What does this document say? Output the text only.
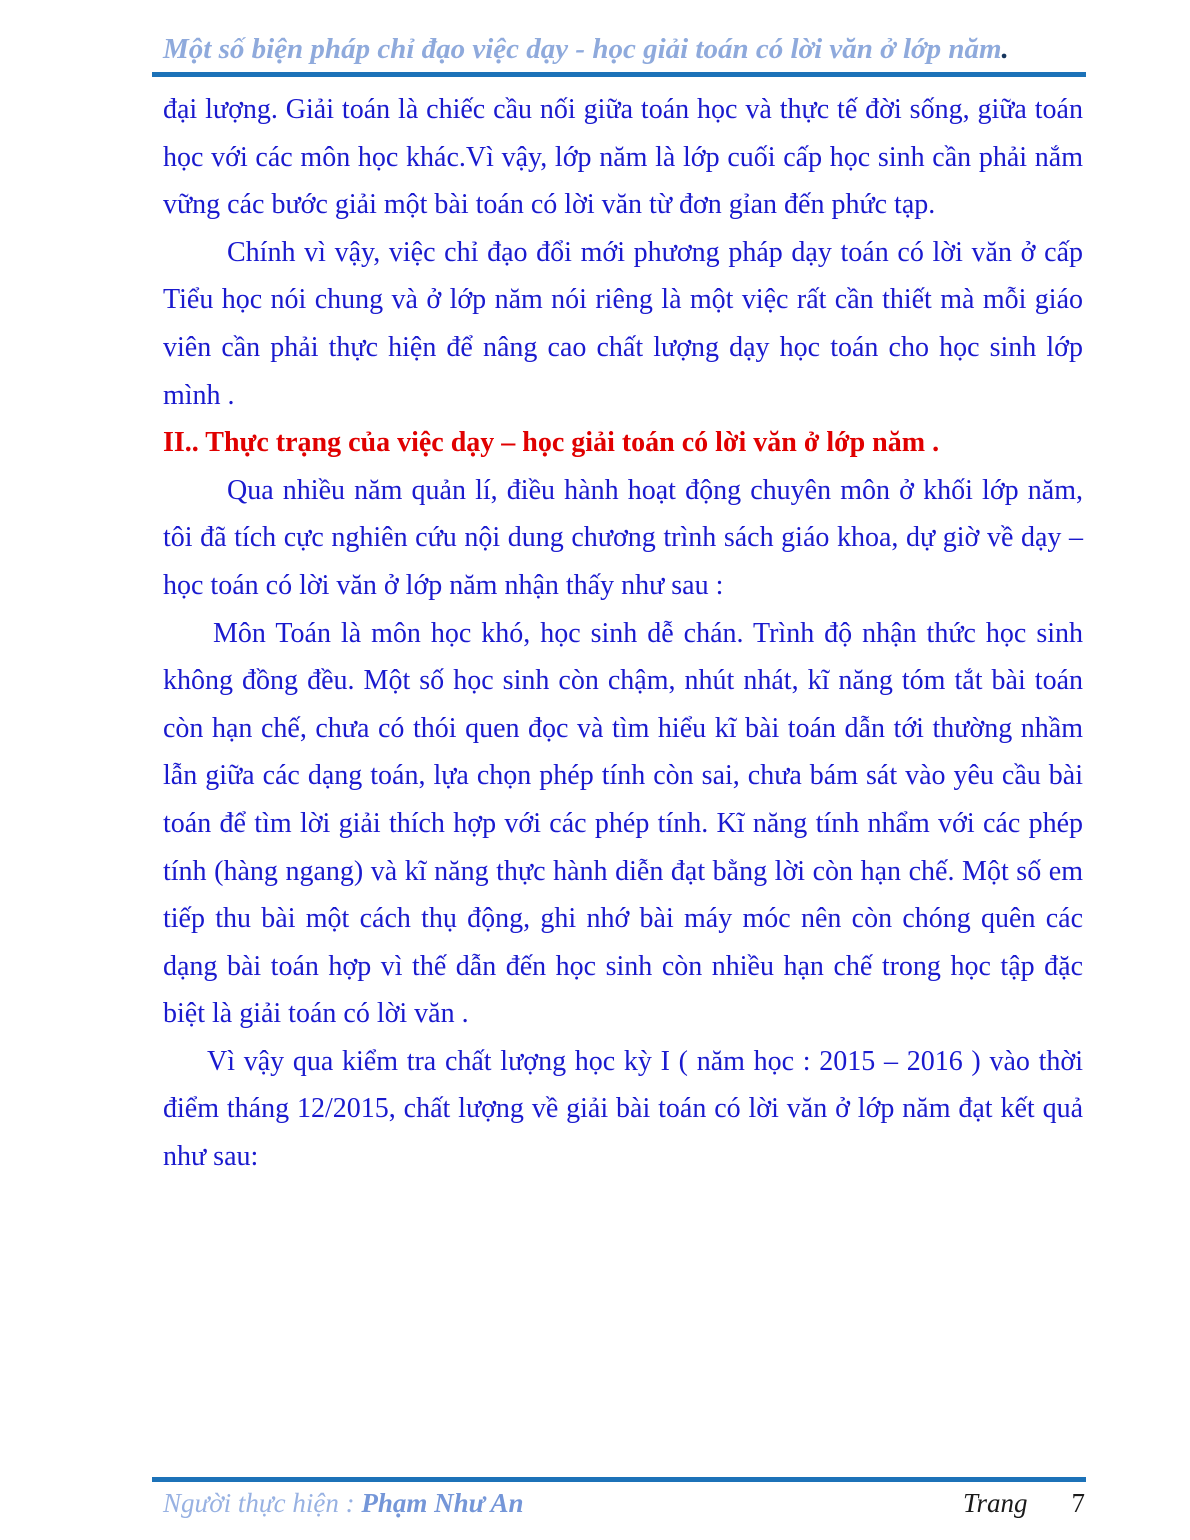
Một số biện pháp chỉ đạo việc dạy - học giải toán có lời văn ở lớp năm.

đại lượng. Giải toán là chiếc cầu nối giữa toán học và thực tế đời sống, giữa toán học với các môn học khác.Vì vậy, lớp năm là lớp cuối cấp học sinh cần phải nắm vững các bước giải một bài toán có lời văn từ đơn gỉan đến phức tạp.

Chính vì vậy, việc chỉ đạo đổi mới phương pháp dạy toán có lời văn ở cấp Tiểu học nói chung và ở lớp năm nói riêng là một việc rất cần thiết mà mỗi giáo viên cần phải thực hiện để nâng cao chất lượng dạy học toán cho học sinh lớp mình .

II.. Thực trạng của việc dạy – học giải toán có lời văn ở lớp năm .

Qua nhiều năm quản lí, điều hành hoạt động chuyên môn ở khối lớp năm, tôi đã tích cực nghiên cứu nội dung chương trình sách giáo khoa, dự giờ về dạy – học toán có lời văn ở lớp năm nhận thấy như sau :

Môn Toán là môn học khó, học sinh dễ chán. Trình độ nhận thức học sinh không đồng đều. Một số học sinh còn chậm, nhút nhát, kĩ năng tóm tắt bài toán còn hạn chế, chưa có thói quen đọc và tìm hiểu kĩ bài toán dẫn tới thường nhầm lẫn giữa các dạng toán, lựa chọn phép tính còn sai, chưa bám sát vào yêu cầu bài toán để tìm lời giải thích hợp với các phép tính. Kĩ năng tính nhẩm với các phép tính (hàng ngang) và kĩ năng thực hành diễn đạt bằng lời còn hạn chế. Một số em tiếp thu bài một cách thụ động, ghi nhớ bài máy móc nên còn chóng quên các dạng bài toán hợp vì thế dẫn đến học sinh còn nhiều hạn chế trong học tập đặc biệt là giải toán có lời văn .

Vì vậy qua kiểm tra chất lượng học kỳ I ( năm học : 2015 – 2016 ) vào thời điểm tháng 12/2015, chất lượng về giải bài toán có lời văn ở lớp năm đạt kết quả như sau:

Người thực hiện : Phạm Như An	Trang 7
